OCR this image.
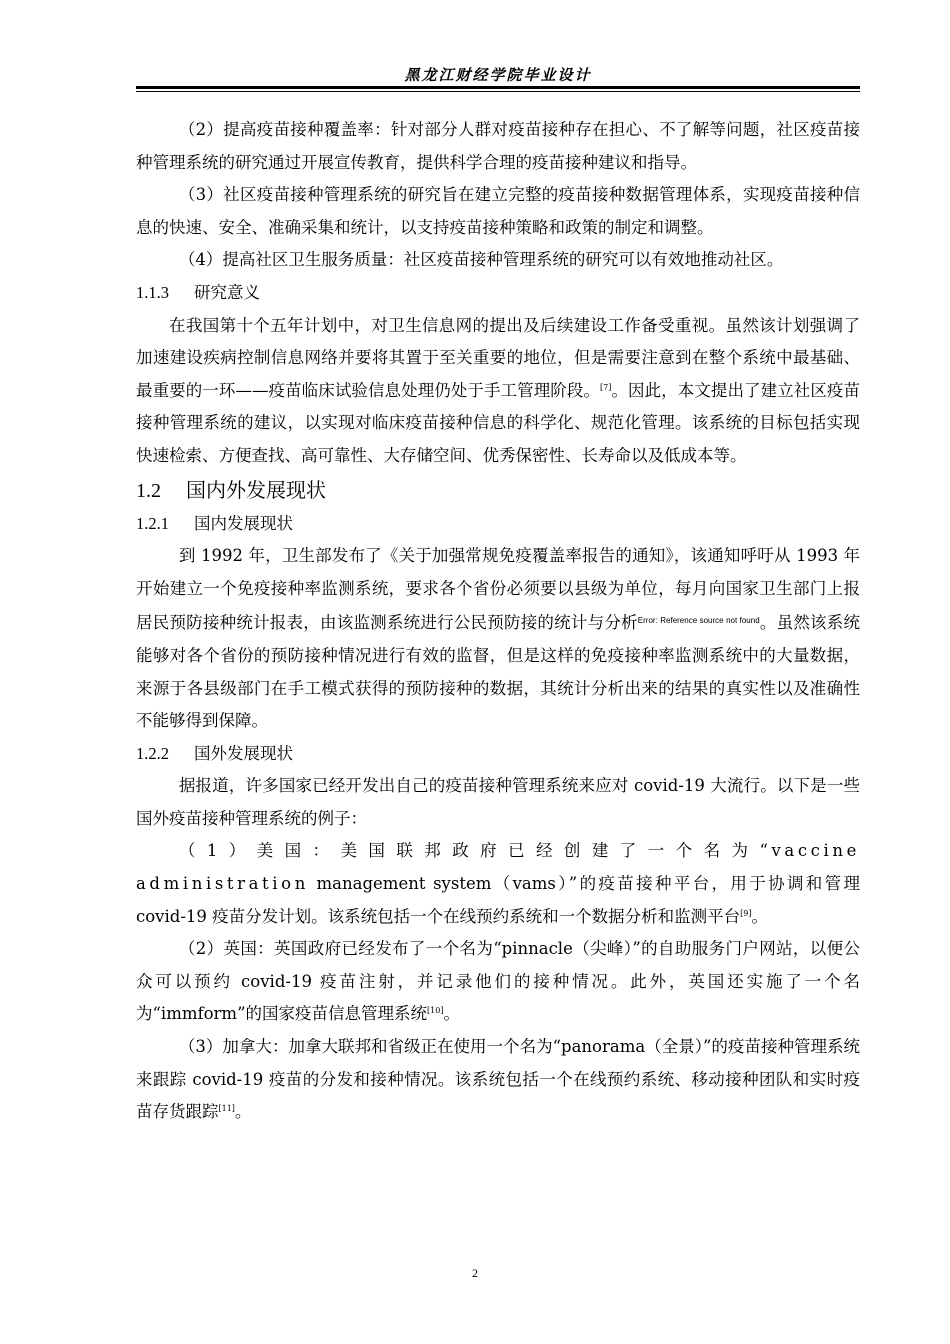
黑龙江财经学院毕业设计

（2）提高疫苗接种覆盖率：针对部分人群对疫苗接种存在担心、不了解等问题，社区疫苗接种管理系统的研究通过开展宣传教育，提供科学合理的疫苗接种建议和指导。

（3）社区疫苗接种管理系统的研究旨在建立完整的疫苗接种数据管理体系，实现疫苗接种信息的快速、安全、准确采集和统计，以支持疫苗接种策略和政策的制定和调整。

（4）提高社区卫生服务质量：社区疫苗接种管理系统的研究可以有效地推动社区。

1.1.3 研究意义

在我国第十个五年计划中，对卫生信息网的提出及后续建设工作备受重视。虽然该计划强调了加速建设疾病控制信息网络并要将其置于至关重要的地位，但是需要注意到在整个系统中最基础、最重要的一环——疫苗临床试验信息处理仍处于手工管理阶段。[7]。因此，本文提出了建立社区疫苗接种管理系统的建议，以实现对临床疫苗接种信息的科学化、规范化管理。该系统的目标包括实现快速检索、方便查找、高可靠性、大存储空间、优秀保密性、长寿命以及低成本等。

1.2 国内外发展现状

1.2.1 国内发展现状

到 1992 年，卫生部发布了《关于加强常规免疫覆盖率报告的通知》，该通知呼吁从 1993 年开始建立一个免疫接种率监测系统，要求各个省份必须要以县级为单位，每月向国家卫生部门上报居民预防接种统计报表，由该监测系统进行公民预防接的统计与分析$^{Error: Reference source not found}$。虽然该系统能够对各个省份的预防接种情况进行有效的监督，但是这样的免疫接种率监测系统中的大量数据，来源于各县级部门在手工模式获得的预防接种的数据，其统计分析出来的结果的真实性以及准确性不能够得到保障。

1.2.2 国外发展现状

据报道，许多国家已经开发出自己的疫苗接种管理系统来应对 covid-19 大流行。以下是一些国外疫苗接种管理系统的例子：

（1）美国：美国联邦政府已经创建了一个名为“vaccine administration management system（vams）”的疫苗接种平台，用于协调和管理 covid-19 疫苗分发计划。该系统包括一个在线预约系统和一个数据分析和监测平台[9]。

（2）英国：英国政府已经发布了一个名为“pinnacle（尖峰）”的自助服务门户网站，以便公众可以预约 covid-19 疫苗注射，并记录他们的接种情况。此外，英国还实施了一个名为“immform”的国家疫苗信息管理系统[10]。

（3）加拿大：加拿大联邦和省级正在使用一个名为“panorama（全景）”的疫苗接种管理系统来跟踪 covid-19 疫苗的分发和接种情况。该系统包括一个在线预约系统、移动接种团队和实时疫苗存货跟踪[11]。

2
